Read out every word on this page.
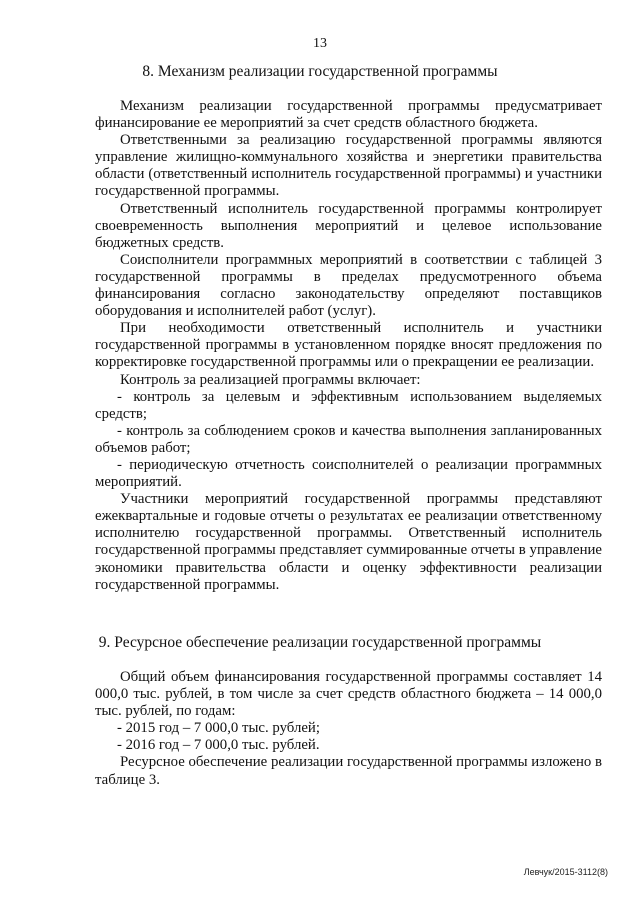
13
8. Механизм реализации государственной программы

Механизм реализации государственной программы предусматривает финансирование ее мероприятий за счет средств областного бюджета.

Ответственными за реализацию государственной программы являются управление жилищно-коммунального хозяйства и энергетики правительства области (ответственный исполнитель государственной программы) и участники государственной программы.

Ответственный исполнитель государственной программы контролирует своевременность выполнения мероприятий и целевое использование бюджетных средств.

Соисполнители программных мероприятий в соответствии с таблицей 3 государственной программы в пределах предусмотренного объема финансирования согласно законодательству определяют поставщиков оборудования и исполнителей работ (услуг).

При необходимости ответственный исполнитель и участники государственной программы в установленном порядке вносят предложения по корректировке государственной программы или о прекращении ее реализации.

Контроль за реализацией программы включает:

- контроль за целевым и эффективным использованием выделяемых средств;

- контроль за соблюдением сроков и качества выполнения запланированных объемов работ;

- периодическую отчетность соисполнителей о реализации программных мероприятий.

Участники мероприятий государственной программы представляют ежеквартальные и годовые отчеты о результатах ее реализации ответственному исполнителю государственной программы. Ответственный исполнитель государственной программы представляет суммированные отчеты в управление экономики правительства области и оценку эффективности реализации государственной программы.

9. Ресурсное обеспечение реализации государственной программы

Общий объем финансирования государственной программы составляет 14 000,0 тыс. рублей, в том числе за счет средств областного бюджета – 14 000,0 тыс. рублей, по годам:

- 2015 год – 7 000,0 тыс. рублей;

- 2016 год – 7 000,0 тыс. рублей.

Ресурсное обеспечение реализации государственной программы изложено в таблице 3.

Левчук/2015-3112(8)
